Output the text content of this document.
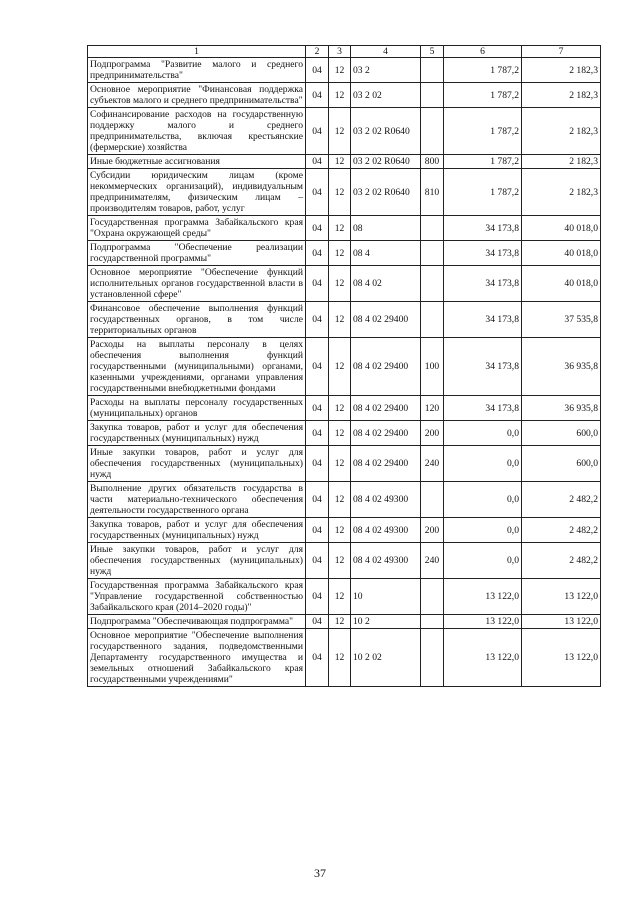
1	2	3	4	5	6	7
Подпрограмма "Развитие малого и среднего предпринимательства"	04	12	03 2		1 787,2	2 182,3
Основное мероприятие "Финансовая поддержка субъектов малого и среднего предпринимательства"	04	12	03 2 02		1 787,2	2 182,3
Софинансирование расходов на государственную поддержку малого и среднего предпринимательства, включая крестьянские (фермерские) хозяйства	04	12	03 2 02 R0640		1 787,2	2 182,3
Иные бюджетные ассигнования	04	12	03 2 02 R0640	800	1 787,2	2 182,3
Субсидии юридическим лицам (кроме некоммерческих организаций), индивидуальным предпринимателям, физическим лицам – производителям товаров, работ, услуг	04	12	03 2 02 R0640	810	1 787,2	2 182,3
Государственная программа Забайкальского края "Охрана окружающей среды"	04	12	08		34 173,8	40 018,0
Подпрограмма "Обеспечение реализации государственной программы"	04	12	08 4		34 173,8	40 018,0
Основное мероприятие "Обеспечение функций исполнительных органов государственной власти в установленной сфере"	04	12	08 4 02		34 173,8	40 018,0
Финансовое обеспечение выполнения функций государственных органов, в том числе территориальных органов	04	12	08 4 02 29400		34 173,8	37 535,8
Расходы на выплаты персоналу в целях обеспечения выполнения функций государственными (муниципальными) органами, казенными учреждениями, органами управления государственными внебюджетными фондами	04	12	08 4 02 29400	100	34 173,8	36 935,8
Расходы на выплаты персоналу государственных (муниципальных) органов	04	12	08 4 02 29400	120	34 173,8	36 935,8
Закупка товаров, работ и услуг для обеспечения государственных (муниципальных) нужд	04	12	08 4 02 29400	200	0,0	600,0
Иные закупки товаров, работ и услуг для обеспечения государственных (муниципальных) нужд	04	12	08 4 02 29400	240	0,0	600,0
Выполнение других обязательств государства в части материально-технического обеспечения деятельности государственного органа	04	12	08 4 02 49300		0,0	2 482,2
Закупка товаров, работ и услуг для обеспечения государственных (муниципальных) нужд	04	12	08 4 02 49300	200	0,0	2 482,2
Иные закупки товаров, работ и услуг для обеспечения государственных (муниципальных) нужд	04	12	08 4 02 49300	240	0,0	2 482,2
Государственная программа Забайкальского края "Управление государственной собственностью Забайкальского края (2014–2020 годы)"	04	12	10		13 122,0	13 122,0
Подпрограмма "Обеспечивающая подпрограмма"	04	12	10 2		13 122,0	13 122,0
Основное мероприятие "Обеспечение выполнения государственного задания, подведомственными Департаменту государственного имущества и земельных отношений Забайкальского края государственными учреждениями"	04	12	10 2 02		13 122,0	13 122,0
37
